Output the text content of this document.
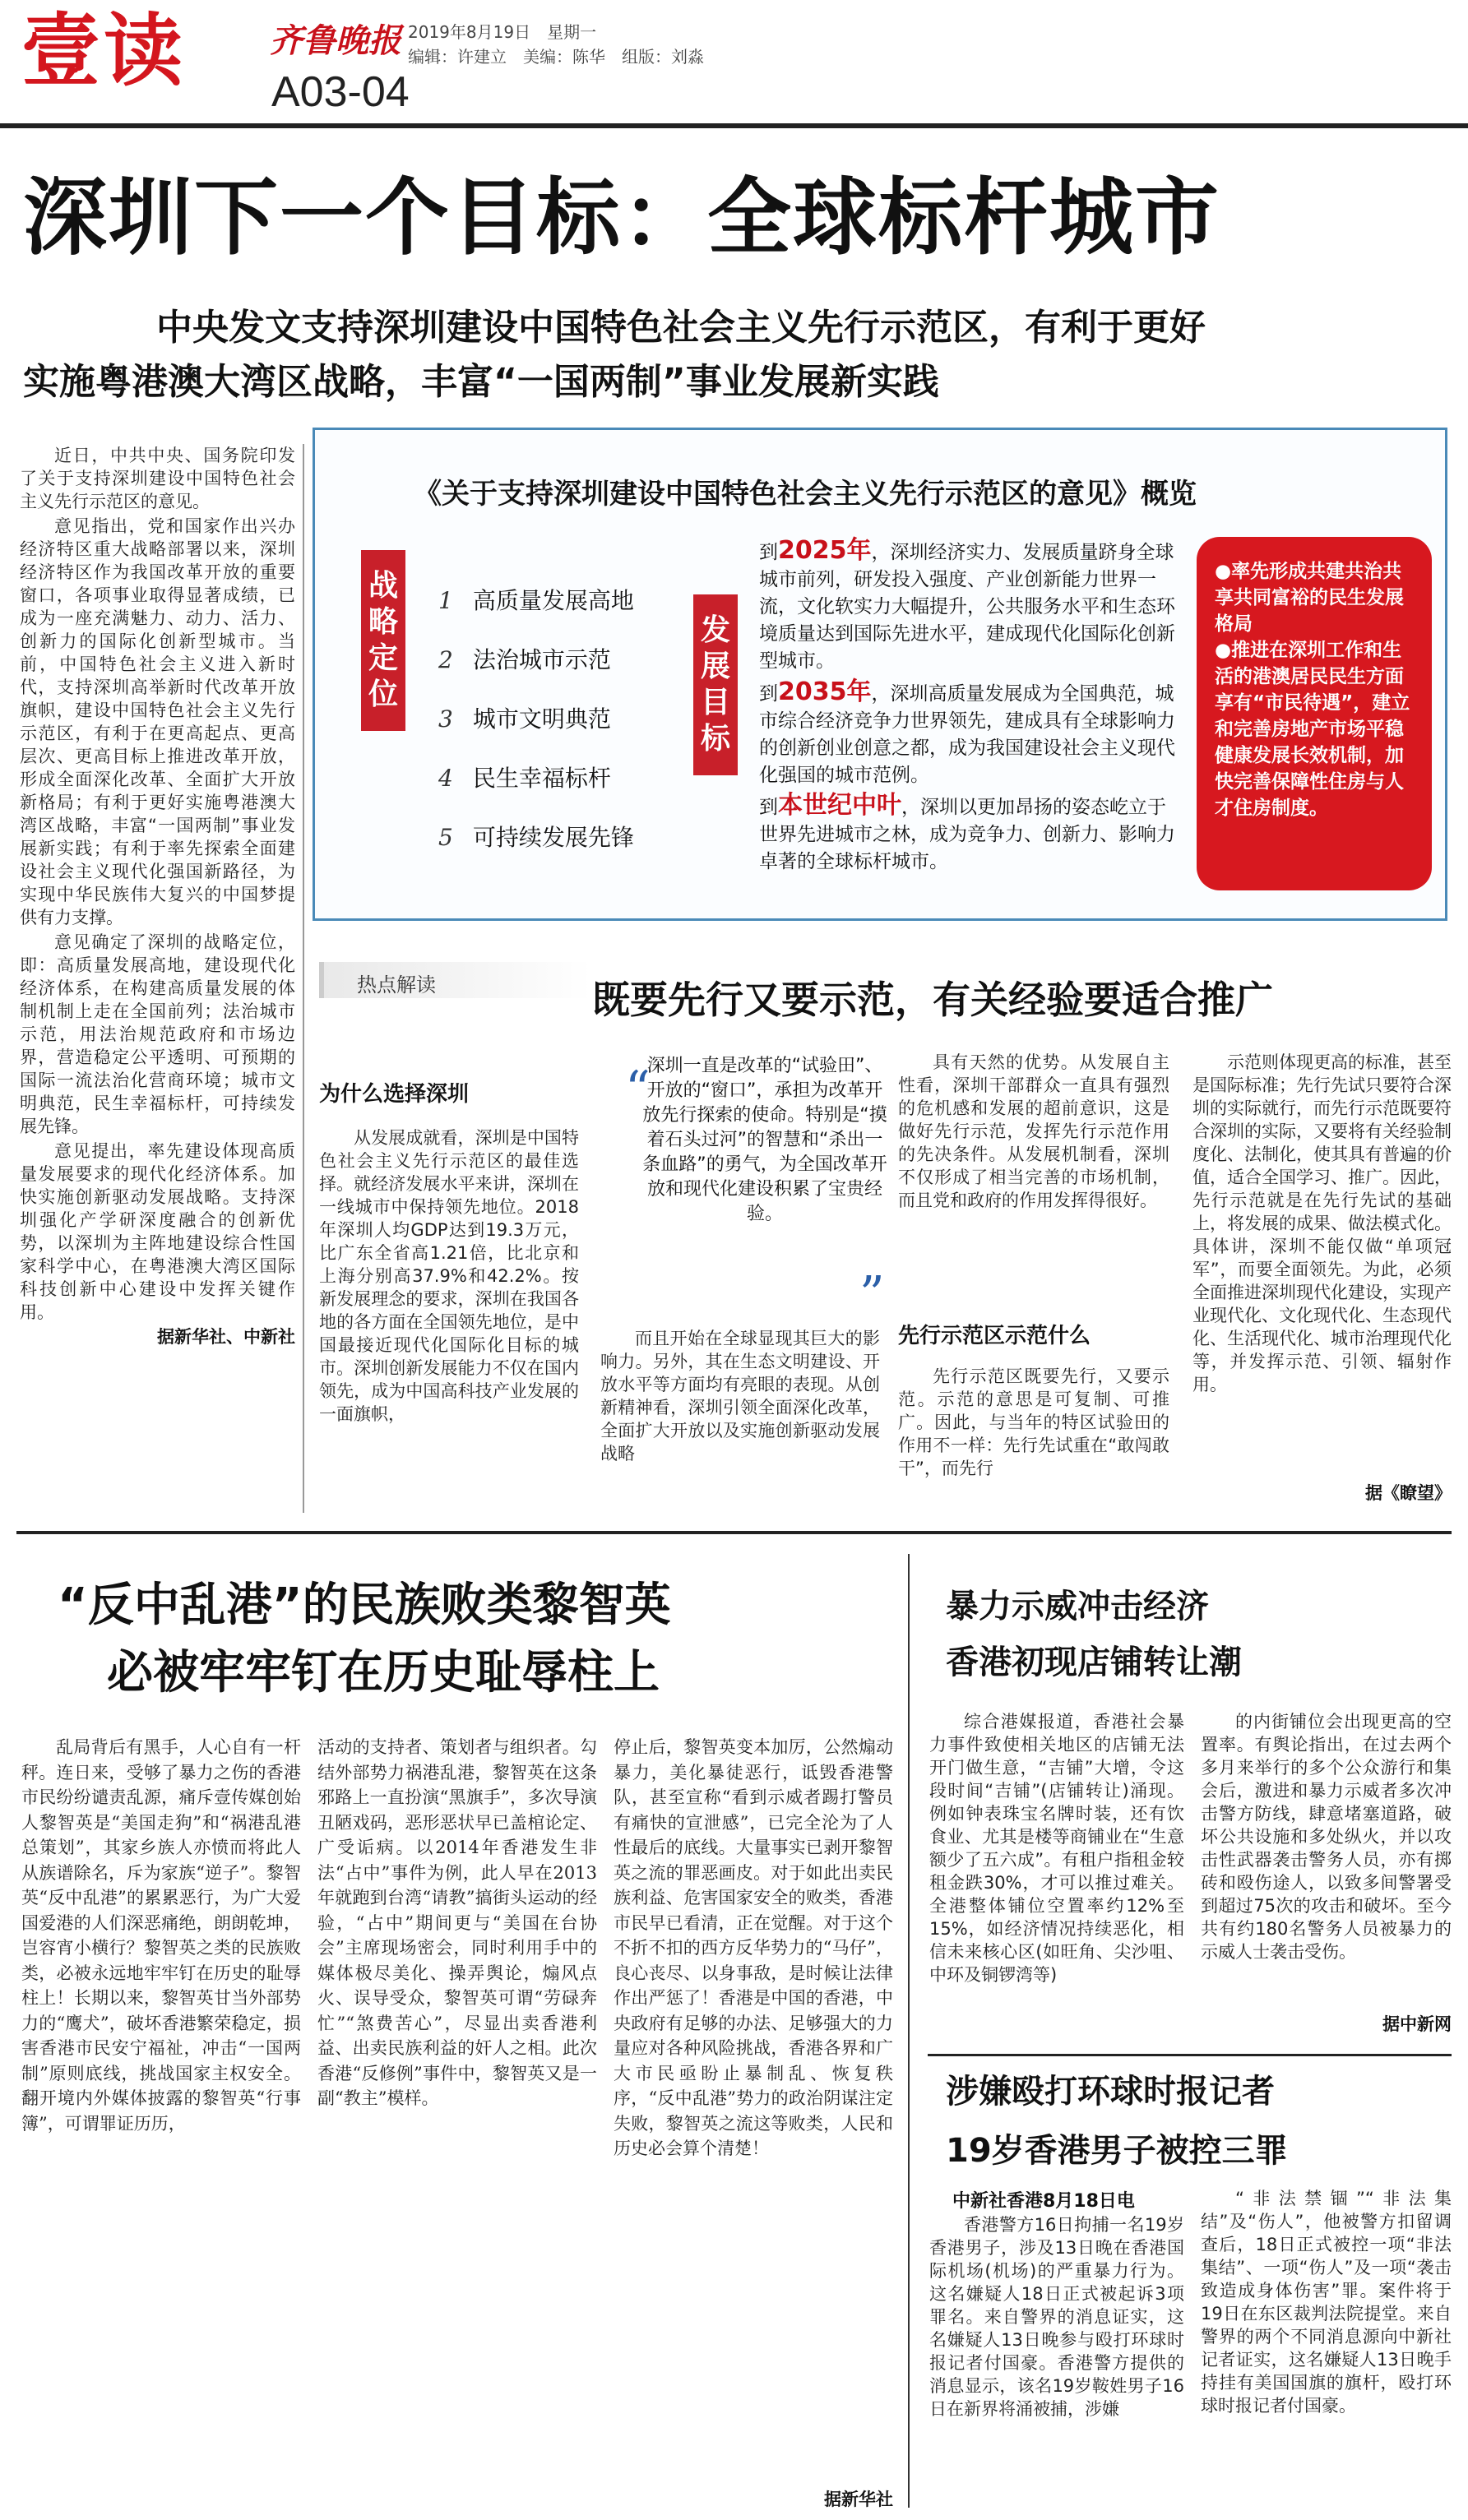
壹读	齐鲁晚报 2019年8月19日　星期一
编辑：许建立　美编：陈华　组版：刘淼
A03-04
深圳下一个目标：全球标杆城市
中央发文支持深圳建设中国特色社会主义先行示范区，有利于更好
实施粤港澳大湾区战略，丰富“一国两制”事业发展新实践

近日，中共中央、国务院印发了关于支持深圳建设中国特色社会主义先行示范区的意见。

意见指出，党和国家作出兴办经济特区重大战略部署以来，深圳经济特区作为我国改革开放的重要窗口，各项事业取得显著成绩，已成为一座充满魅力、动力、活力、创新力的国际化创新型城市。当前，中国特色社会主义进入新时代，支持深圳高举新时代改革开放旗帜，建设中国特色社会主义先行示范区，有利于在更高起点、更高层次、更高目标上推进改革开放，形成全面深化改革、全面扩大开放新格局；有利于更好实施粤港澳大湾区战略，丰富“一国两制”事业发展新实践；有利于率先探索全面建设社会主义现代化强国新路径，为实现中华民族伟大复兴的中国梦提供有力支撑。

意见确定了深圳的战略定位，即：高质量发展高地，建设现代化经济体系，在构建高质量发展的体制机制上走在全国前列；法治城市示范，用法治规范政府和市场边界，营造稳定公平透明、可预期的国际一流法治化营商环境；城市文明典范，民生幸福标杆，可持续发展先锋。

意见提出，率先建设体现高质量发展要求的现代化经济体系。加快实施创新驱动发展战略。支持深圳强化产学研深度融合的创新优势，以深圳为主阵地建设综合性国家科学中心，在粤港澳大湾区国际科技创新中心建设中发挥关键作用。

据新华社、中新社

《关于支持深圳建设中国特色社会主义先行示范区的意见》概览
战略定位
1 高质量发展高地
2 法治城市示范
3 城市文明典范
4 民生幸福标杆
5 可持续发展先锋
发展目标
到2025年，深圳经济实力、发展质量跻身全球城市前列，研发投入强度、产业创新能力世界一流，文化软实力大幅提升，公共服务水平和生态环境质量达到国际先进水平，建成现代化国际化创新型城市。
到2035年，深圳高质量发展成为全国典范，城市综合经济竞争力世界领先，建成具有全球影响力的创新创业创意之都，成为我国建设社会主义现代化强国的城市范例。
到本世纪中叶，深圳以更加昂扬的姿态屹立于世界先进城市之林，成为竞争力、创新力、影响力卓著的全球标杆城市。
●率先形成共建共治共享共同富裕的民生发展格局
●推进在深圳工作和生活的港澳居民民生方面享有“市民待遇”，建立和完善房地产市场平稳健康发展长效机制，加快完善保障性住房与人才住房制度。
热点解读	既要先行又要示范，有关经验要适合推广
为什么选择深圳
从发展成就看，深圳是中国特色社会主义先行示范区的最佳选择。就经济发展水平来讲，深圳在一线城市中保持领先地位。2018年深圳人均GDP达到19.3万元，比广东全省高1.21倍，比北京和上海分别高37.9%和42.2%。按新发展理念的要求，深圳在我国各地的各方面在全国领先地位，是中国最接近现代化国际化目标的城市。深圳创新发展能力不仅在国内领先，成为中国高科技产业发展的一面旗帜，
“
深圳一直是改革的“试验田”、开放的“窗口”，承担为改革开放先行探索的使命。特别是“摸着石头过河”的智慧和“杀出一条血路”的勇气，为全国改革开放和现代化建设积累了宝贵经验。
”
而且开始在全球显现其巨大的影响力。另外，其在生态文明建设、开放水平等方面均有亮眼的表现。从创新精神看，深圳引领全面深化改革，全面扩大开放以及实施创新驱动发展战略
具有天然的优势。从发展自主性看，深圳干部群众一直具有强烈的危机感和发展的超前意识，这是做好先行示范，发挥先行示范作用的先决条件。从发展机制看，深圳不仅形成了相当完善的市场机制，而且党和政府的作用发挥得很好。
先行示范区示范什么
先行示范区既要先行，又要示范。示范的意思是可复制、可推广。因此，与当年的特区试验田的作用不一样：先行先试重在“敢闯敢干”，而先行
示范则体现更高的标准，甚至是国际标准；先行先试只要符合深圳的实际就行，而先行示范既要符合深圳的实际，又要将有关经验制度化、法制化，使其具有普遍的价值，适合全国学习、推广。因此，先行示范就是在先行先试的基础上，将发展的成果、做法模式化。具体讲，深圳不能仅做“单项冠军”，而要全面领先。为此，必须全面推进深圳现代化建设，实现产业现代化、文化现代化、生态现代化、生活现代化、城市治理现代化等，并发挥示范、引领、辐射作用。
据《瞭望》
“反中乱港”的民族败类黎智英
必被牢牢钉在历史耻辱柱上
乱局背后有黑手，人心自有一杆秤。连日来，受够了暴力之伤的香港市民纷纷谴责乱源，痛斥壹传媒创始人黎智英是“美国走狗”和“祸港乱港总策划”，其家乡族人亦愤而将此人从族谱除名，斥为家族“逆子”。黎智英“反中乱港”的累累恶行，为广大爱国爱港的人们深恶痛绝，朗朗乾坤，岂容宵小横行？黎智英之类的民族败类，必被永远地牢牢钉在历史的耻辱柱上！长期以来，黎智英甘当外部势力的“鹰犬”，破坏香港繁荣稳定，损害香港市民安宁福祉，冲击“一国两制”原则底线，挑战国家主权安全。翻开境内外媒体披露的黎智英“行事簿”，可谓罪证历历，
活动的支持者、策划者与组织者。勾结外部势力祸港乱港，黎智英在这条邪路上一直扮演“黑旗手”，多次导演丑陋戏码，恶形恶状早已盖棺论定、广受诟病。以2014年香港发生非法“占中”事件为例，此人早在2013年就跑到台湾“请教”搞街头运动的经验，“占中”期间更与“美国在台协会”主席现场密会，同时利用手中的媒体极尽美化、操弄舆论，煽风点火、误导受众，黎智英可谓“劳碌奔忙”“煞费苦心”，尽显出卖香港利益、出卖民族利益的奸人之相。此次香港“反修例”事件中，黎智英又是一副“教主”模样。
停止后，黎智英变本加厉，公然煽动暴力，美化暴徒恶行，诋毁香港警队，甚至宣称“看到示威者踢打警员有痛快的宣泄感”，已完全沦为了人性最后的底线。大量事实已剥开黎智英之流的罪恶画皮。对于如此出卖民族利益、危害国家安全的败类，香港市民早已看清，正在觉醒。对于这个不折不扣的西方反华势力的“马仔”，良心丧尽、以身事敌，是时候让法律作出严惩了！香港是中国的香港，中央政府有足够的办法、足够强大的力量应对各种风险挑战，香港各界和广大市民亟盼止暴制乱、恢复秩序，“反中乱港”势力的政治阴谋注定失败，黎智英之流这等败类，人民和历史必会算个清楚！
据新华社
暴力示威冲击经济
香港初现店铺转让潮
综合港媒报道，香港社会暴力事件致使相关地区的店铺无法开门做生意，“吉铺”大增，令这段时间“吉铺”(店铺转让)涌现。例如钟表珠宝名牌时装，还有饮食业、尤其是楼等商铺业在“生意额少了五六成”。有租户指租金较租金跌30%，才可以推过难关。全港整体铺位空置率约12%至15%，如经济情况持续恶化，相信未来核心区(如旺角、尖沙咀、中环及铜锣湾等)
的内街铺位会出现更高的空置率。有舆论指出，在过去两个多月来举行的多个公众游行和集会后，激进和暴力示威者多次冲击警方防线，肆意堵塞道路，破坏公共设施和多处纵火，并以攻击性武器袭击警务人员，亦有掷砖和殴伤途人，以致多间警署受到超过75次的攻击和破坏。至今共有约180名警务人员被暴力的示威人士袭击受伤。
据中新网
涉嫌殴打环球时报记者
19岁香港男子被控三罪
中新社香港8月18日电
香港警方16日拘捕一名19岁香港男子，涉及13日晚在香港国际机场(机场)的严重暴力行为。这名嫌疑人18日正式被起诉3项罪名。来自警界的消息证实，这名嫌疑人13日晚参与殴打环球时报记者付国豪。香港警方提供的消息显示，该名19岁鞍姓男子16日在新界将涌被捕，涉嫌
“非法禁锢”“非法集结”及“伤人”，他被警方扣留调查后，18日正式被控一项“非法集结”、一项“伤人”及一项“袭击致造成身体伤害”罪。案件将于19日在东区裁判法院提堂。来自警界的两个不同消息源向中新社记者证实，这名嫌疑人13日晚手持挂有美国国旗的旗杆，殴打环球时报记者付国豪。
